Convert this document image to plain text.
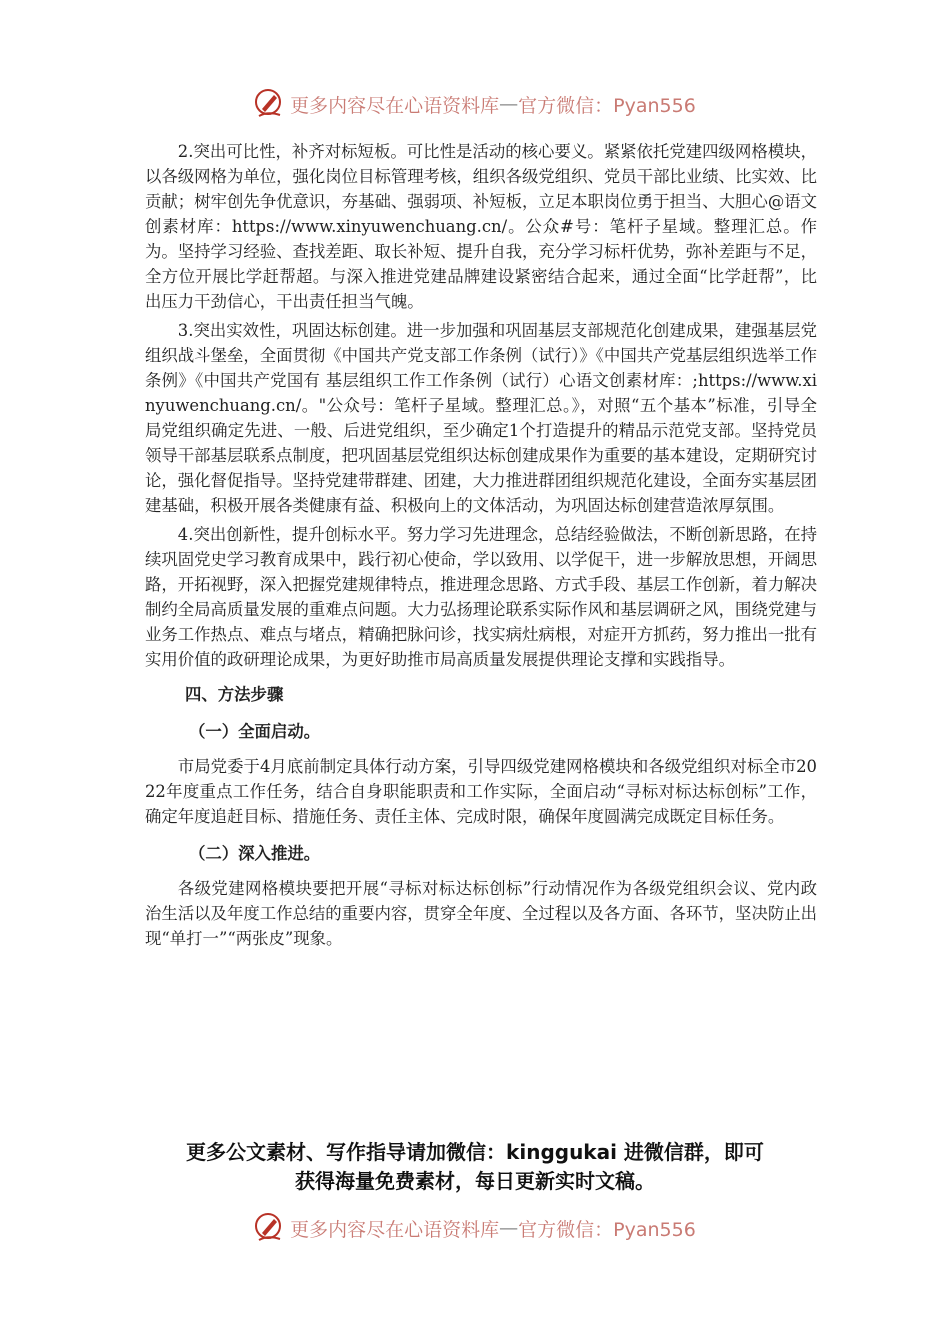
更多内容尽在心语资料库 — 官方微信：Pyan556

2.突出可比性，补齐对标短板。可比性是活动的核心要义。紧紧依托党建四级网格模块，以各级网格为单位，强化岗位目标管理考核，组织各级党组织、党员干部比业绩、比实效、比贡献；树牢创先争优意识，夯基础、强弱项、补短板，立足本职岗位勇于担当、大胆心@语文创素材库：https://www.xinyuwenchuang.cn/。公众#号：笔杆子星域。整理汇总。作为。坚持学习经验、查找差距、取长补短、提升自我，充分学习标杆优势，弥补差距与不足，全方位开展比学赶帮超。与深入推进党建品牌建设紧密结合起来，通过全面“比学赶帮”，比出压力干劲信心，干出责任担当气魄。

3.突出实效性，巩固达标创建。进一步加强和巩固基层支部规范化创建成果，建强基层党组织战斗堡垒，全面贯彻《中国共产党支部工作条例（试行）》《中国共产党基层组织选举工作条例》《中国共产党国有 基层组织工作工作条例（试行）心语文创素材库：;https://www.xinyuwenchuang.cn/。"公众号：笔杆子星域。整理汇总。》，对照“五个基本”标准，引导全局党组织确定先进、一般、后进党组织，至少确定1个打造提升的精品示范党支部。坚持党员领导干部基层联系点制度，把巩固基层党组织达标创建成果作为重要的基本建设，定期研究讨论，强化督促指导。坚持党建带群建、团建，大力推进群团组织规范化建设，全面夯实基层团建基础，积极开展各类健康有益、积极向上的文体活动，为巩固达标创建营造浓厚氛围。

4.突出创新性，提升创标水平。努力学习先进理念，总结经验做法，不断创新思路，在持续巩固党史学习教育成果中，践行初心使命，学以致用、以学促干，进一步解放思想，开阔思路，开拓视野，深入把握党建规律特点，推进理念思路、方式手段、基层工作创新，着力解决制约全局高质量发展的重难点问题。大力弘扬理论联系实际作风和基层调研之风，围绕党建与业务工作热点、难点与堵点，精确把脉问诊，找实病灶病根，对症开方抓药，努力推出一批有实用价值的政研理论成果，为更好助推市局高质量发展提供理论支撑和实践指导。

四、方法步骤

（一）全面启动。

市局党委于4月底前制定具体行动方案，引导四级党建网格模块和各级党组织对标全市2022年度重点工作任务，结合自身职能职责和工作实际，全面启动“寻标对标达标创标”工作，确定年度追赶目标、措施任务、责任主体、完成时限，确保年度圆满完成既定目标任务。

（二）深入推进。

各级党建网格模块要把开展“寻标对标达标创标”行动情况作为各级党组织会议、党内政治生活以及年度工作总结的重要内容，贯穿全年度、全过程以及各方面、各环节，坚决防止出现“单打一”“两张皮”现象。

更多公文素材、写作指导请加微信：kinggukai 进微信群，即可
获得海量免费素材，每日更新实时文稿。
更多内容尽在心语资料库 — 官方微信：Pyan556
